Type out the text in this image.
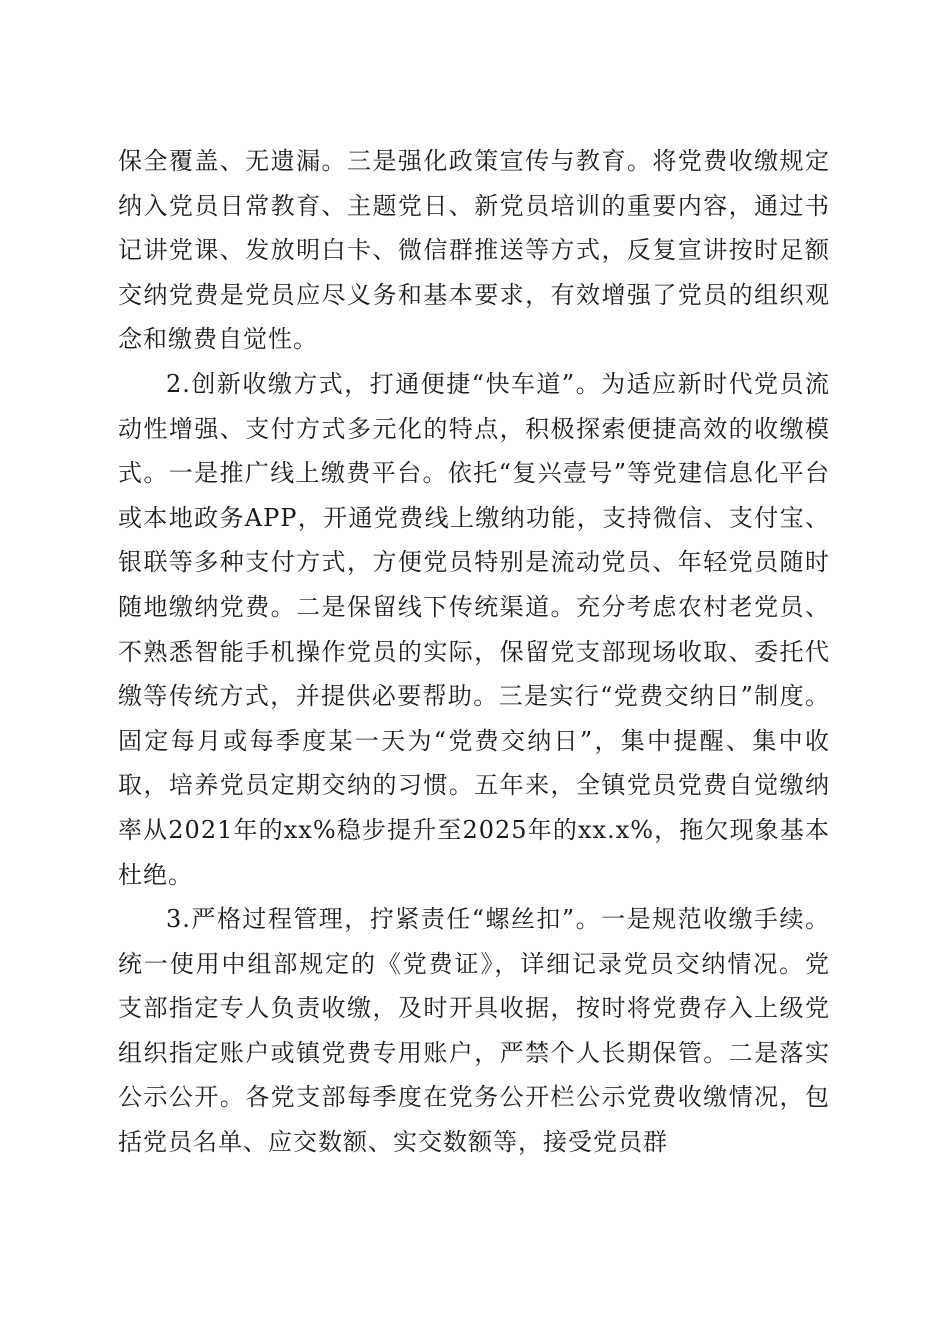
保全覆盖、无遗漏。三是强化政策宣传与教育。将党费收缴规定纳入党员日常教育、主题党日、新党员培训的重要内容，通过书记讲党课、发放明白卡、微信群推送等方式，反复宣讲按时足额交纳党费是党员应尽义务和基本要求，有效增强了党员的组织观念和缴费自觉性。

2.创新收缴方式，打通便捷“快车道”。为适应新时代党员流动性增强、支付方式多元化的特点，积极探索便捷高效的收缴模式。一是推广线上缴费平台。依托“复兴壹号”等党建信息化平台或本地政务APP，开通党费线上缴纳功能，支持微信、支付宝、银联等多种支付方式，方便党员特别是流动党员、年轻党员随时随地缴纳党费。二是保留线下传统渠道。充分考虑农村老党员、不熟悉智能手机操作党员的实际，保留党支部现场收取、委托代缴等传统方式，并提供必要帮助。三是实行“党费交纳日”制度。固定每月或每季度某一天为“党费交纳日”，集中提醒、集中收取，培养党员定期交纳的习惯。五年来，全镇党员党费自觉缴纳率从2021年的xx%稳步提升至2025年的xx.x%，拖欠现象基本杜绝。

3.严格过程管理，拧紧责任“螺丝扣”。一是规范收缴手续。统一使用中组部规定的《党费证》，详细记录党员交纳情况。党支部指定专人负责收缴，及时开具收据，按时将党费存入上级党组织指定账户或镇党费专用账户，严禁个人长期保管。二是落实公示公开。各党支部每季度在党务公开栏公示党费收缴情况，包括党员名单、应交数额、实交数额等，接受党员群
